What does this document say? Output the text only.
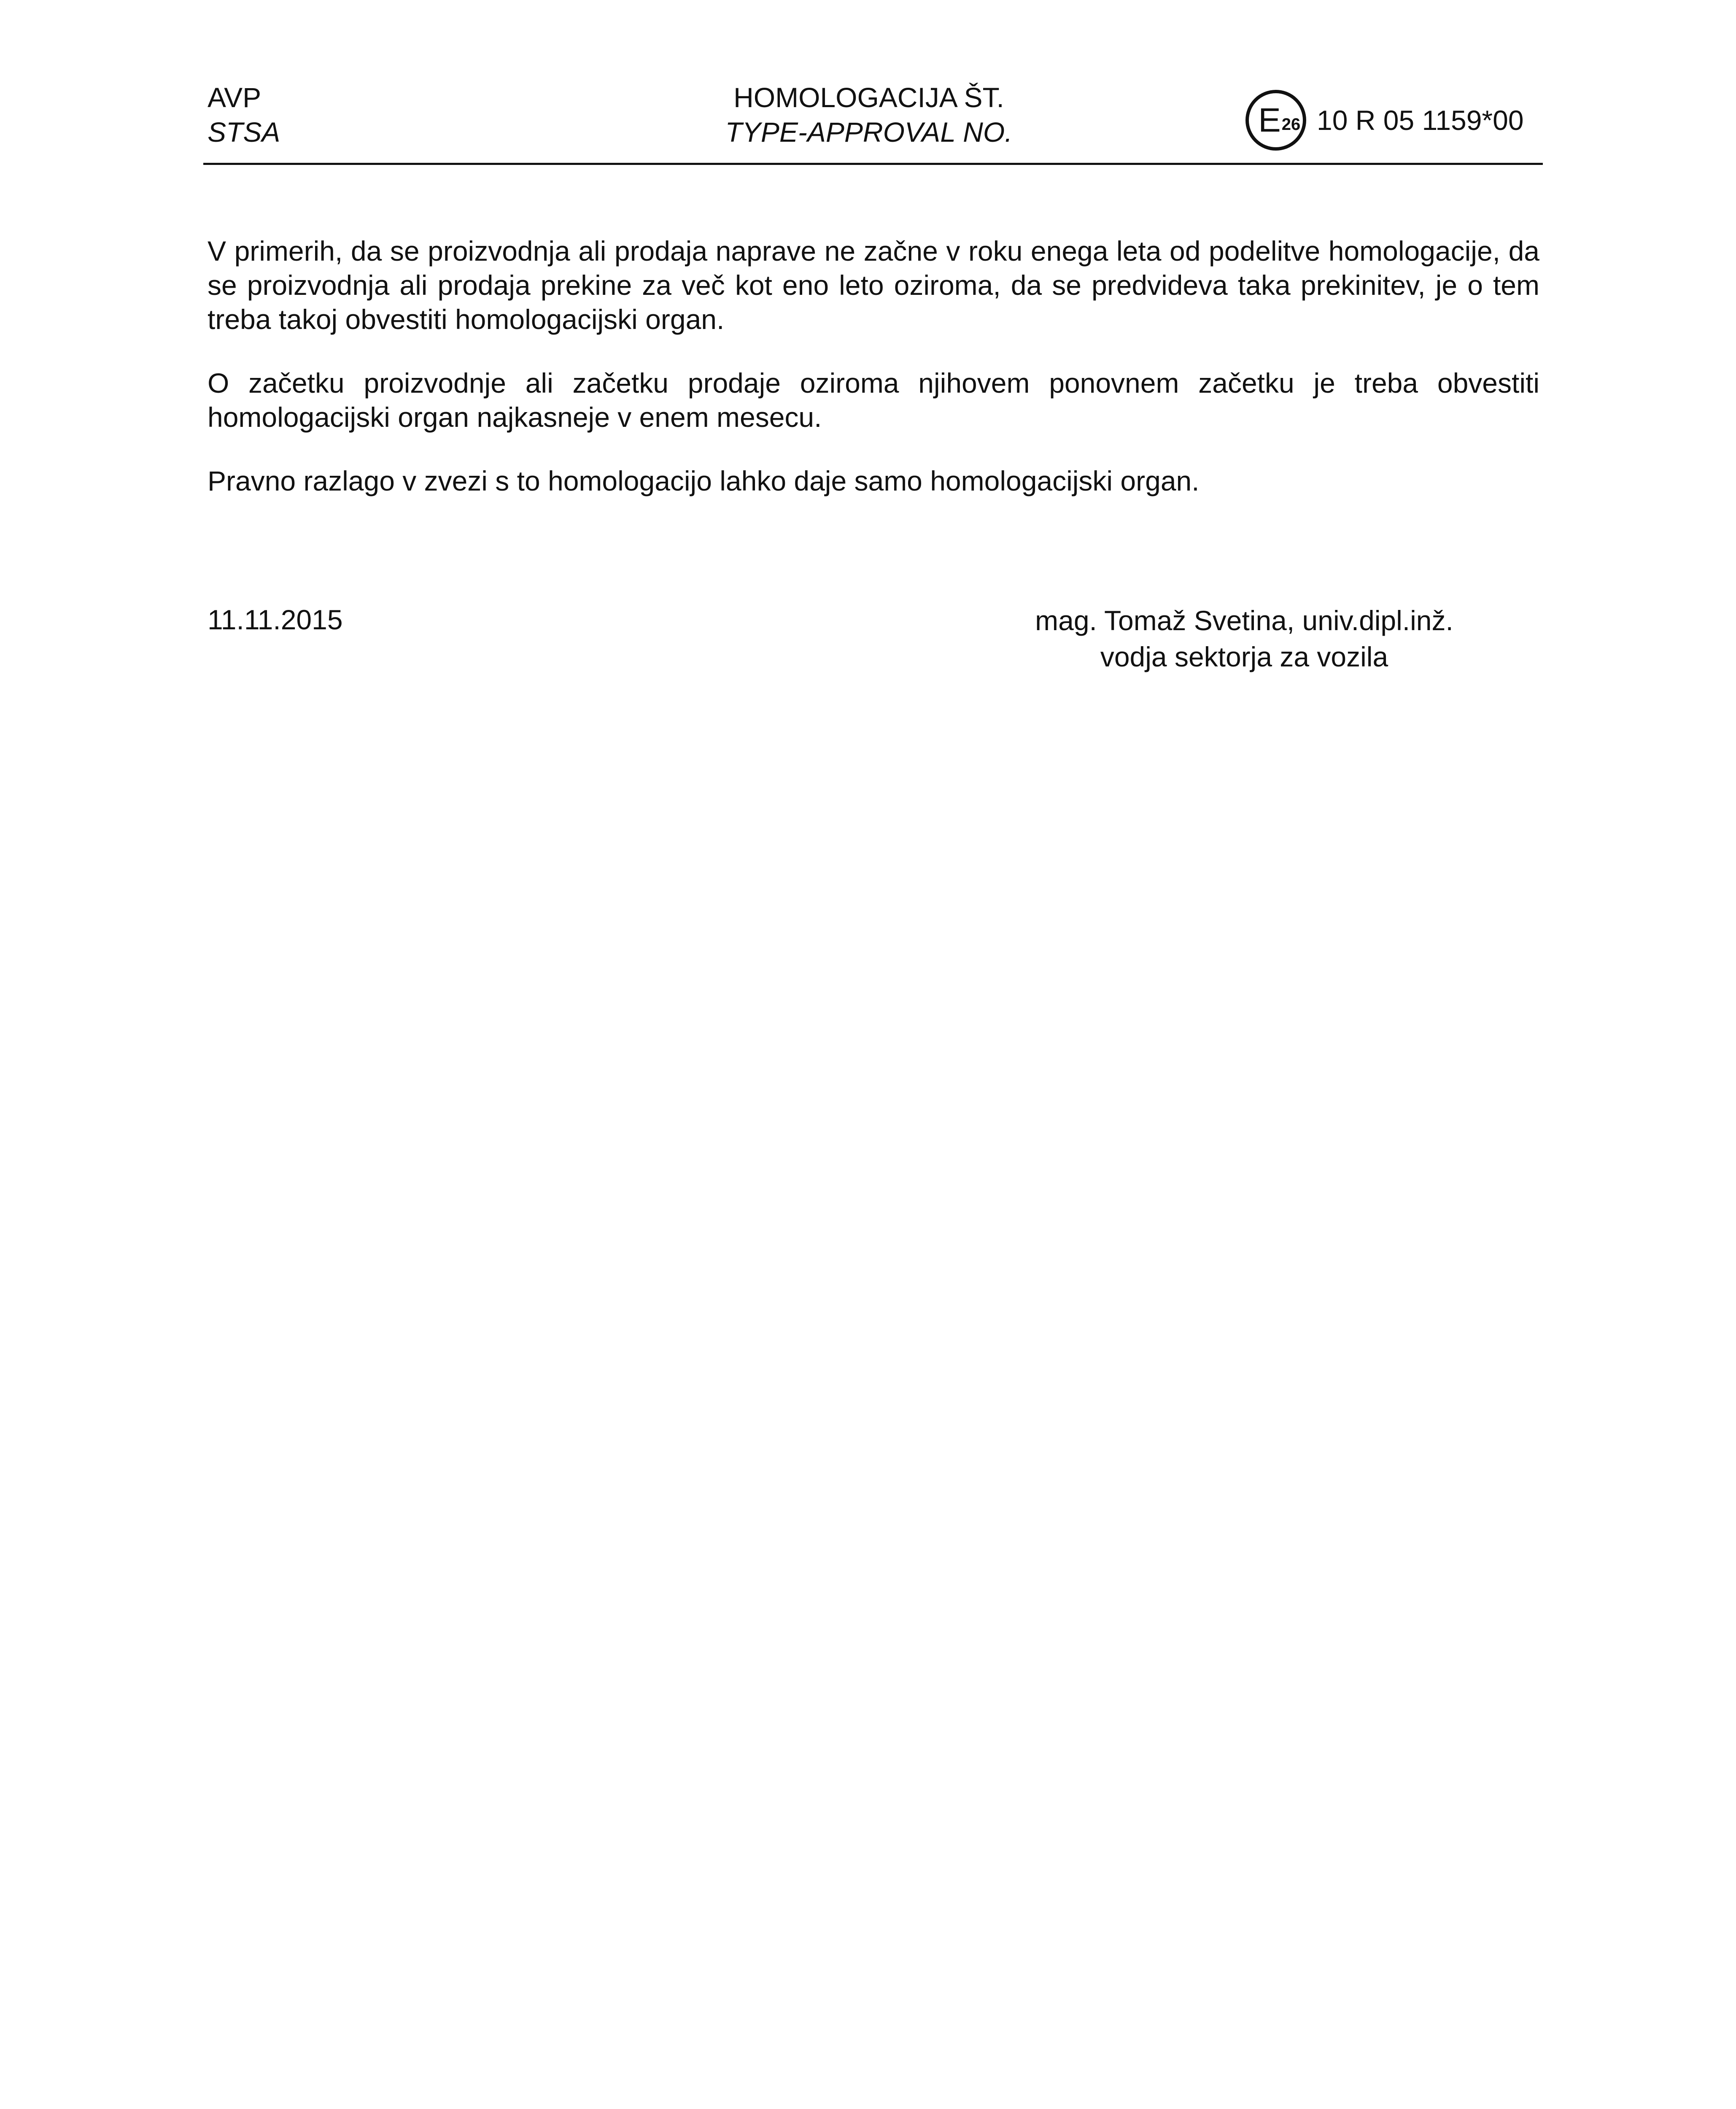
AVP
STSA
HOMOLOGACIJA ŠT.
TYPE-APPROVAL NO.	E 26 10 R 05 1159*00

V primerih, da se proizvodnja ali prodaja naprave ne začne v roku enega leta od podelitve homologacije, da se proizvodnja ali prodaja prekine za več kot eno leto oziroma, da se predvideva taka prekinitev, je o tem treba takoj obvestiti homologacijski organ.

O začetku proizvodnje ali začetku prodaje oziroma njihovem ponovnem začetku je treba obvestiti homologacijski organ najkasneje v enem mesecu.

Pravno razlago v zvezi s to homologacijo lahko daje samo homologacijski organ.

11.11.2015	mag. Tomaž Svetina, univ.dipl.inž.
vodja sektorja za vozila
